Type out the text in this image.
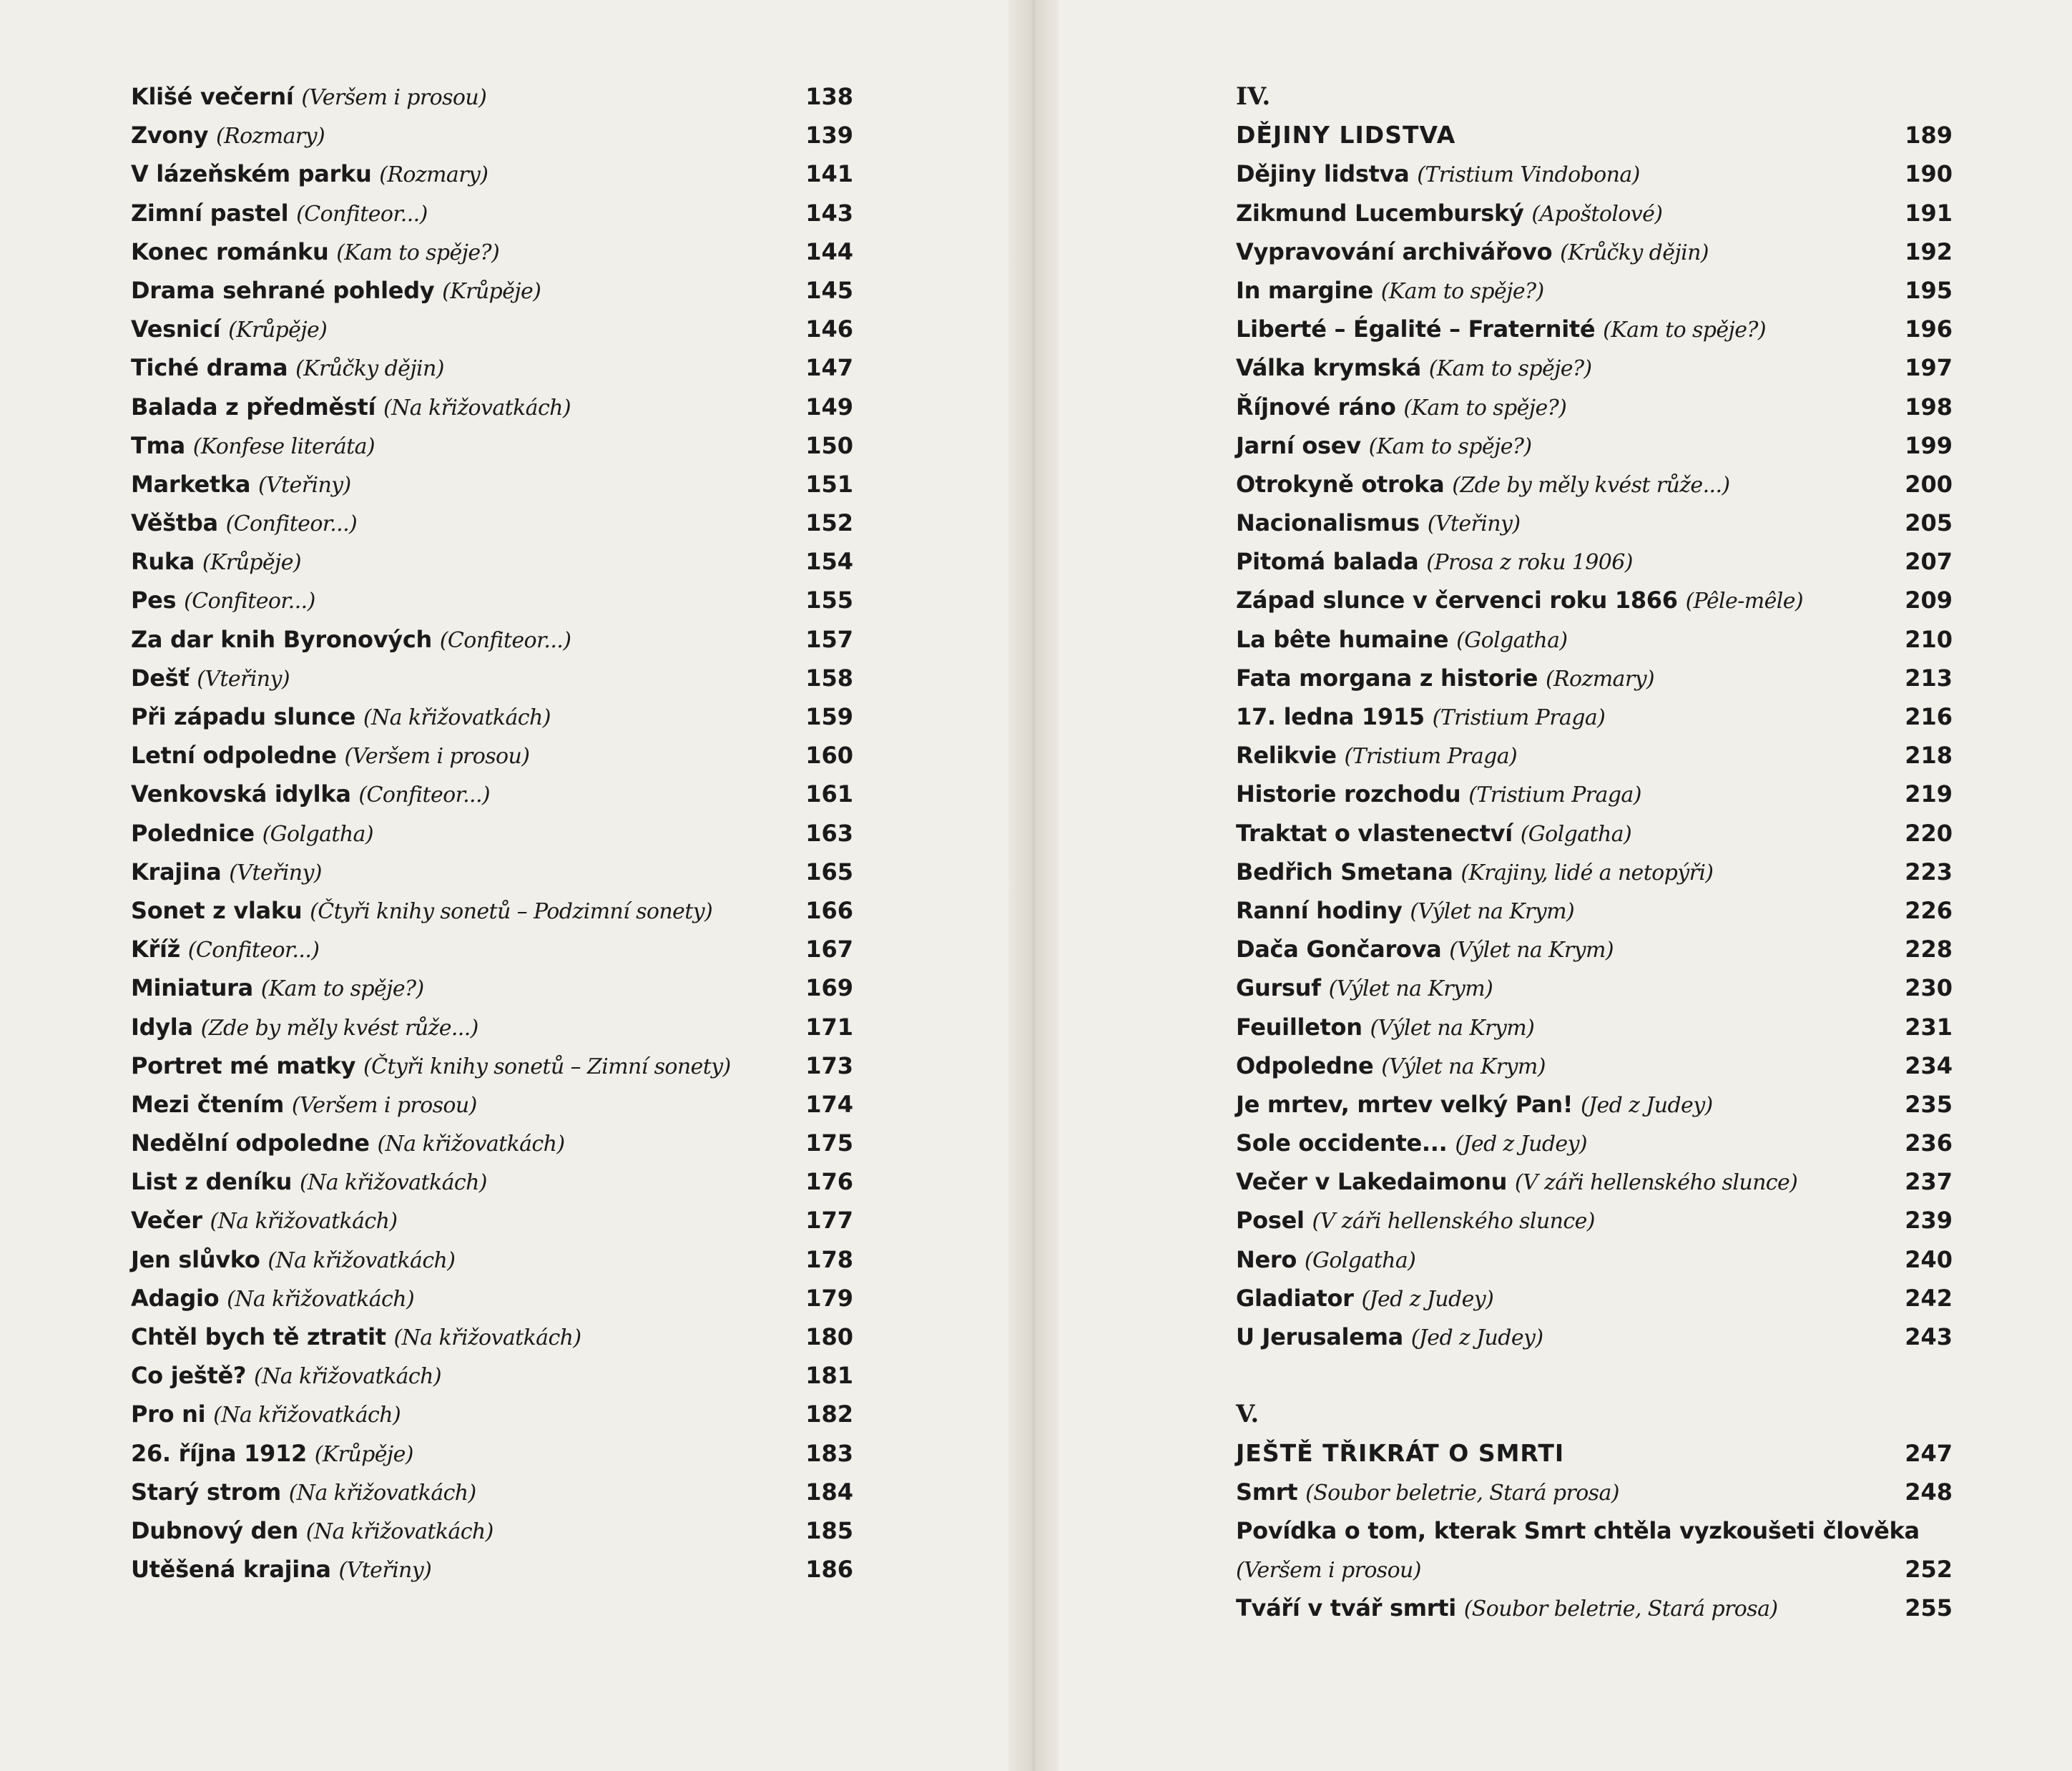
Klišé večerní (Veršem i prosou)	138
Zvony (Rozmary)	139
V lázeňském parku (Rozmary)	141
Zimní pastel (Confiteor...)	143
Konec románku (Kam to spěje?)	144
Drama sehrané pohledy (Krůpěje)	145
Vesnicí (Krůpěje)	146
Tiché drama (Krůčky dějin)	147
Balada z předměstí (Na křižovatkách)	149
Tma (Konfese literáta)	150
Marketka (Vteřiny)	151
Věštba (Confiteor...)	152
Ruka (Krůpěje)	154
Pes (Confiteor...)	155
Za dar knih Byronových (Confiteor...)	157
Dešť (Vteřiny)	158
Při západu slunce (Na křižovatkách)	159
Letní odpoledne (Veršem i prosou)	160
Venkovská idylka (Confiteor...)	161
Polednice (Golgatha)	163
Krajina (Vteřiny)	165
Sonet z vlaku (Čtyři knihy sonetů – Podzimní sonety)	166
Kříž (Confiteor...)	167
Miniatura (Kam to spěje?)	169
Idyla (Zde by měly kvést růže...)	171
Portret mé matky (Čtyři knihy sonetů – Zimní sonety)	173
Mezi čtením (Veršem i prosou)	174
Nedělní odpoledne (Na křižovatkách)	175
List z deníku (Na křižovatkách)	176
Večer (Na křižovatkách)	177
Jen slůvko (Na křižovatkách)	178
Adagio (Na křižovatkách)	179
Chtěl bych tě ztratit (Na křižovatkách)	180
Co ještě? (Na křižovatkách)	181
Pro ni (Na křižovatkách)	182
26. října 1912 (Krůpěje)	183
Starý strom (Na křižovatkách)	184
Dubnový den (Na křižovatkách)	185
Utěšená krajina (Vteřiny)	186
IV.
DĚJINY LIDSTVA	189
Dějiny lidstva (Tristium Vindobona)	190
Zikmund Lucemburský (Apoštolové)	191
Vypravování archivářovo (Krůčky dějin)	192
In margine (Kam to spěje?)	195
Liberté – Égalité – Fraternité (Kam to spěje?)	196
Válka krymská (Kam to spěje?)	197
Říjnové ráno (Kam to spěje?)	198
Jarní osev (Kam to spěje?)	199
Otrokyně otroka (Zde by měly kvést růže...)	200
Nacionalismus (Vteřiny)	205
Pitomá balada (Prosa z roku 1906)	207
Západ slunce v červenci roku 1866 (Pêle-mêle)	209
La bête humaine (Golgatha)	210
Fata morgana z historie (Rozmary)	213
17. ledna 1915 (Tristium Praga)	216
Relikvie (Tristium Praga)	218
Historie rozchodu (Tristium Praga)	219
Traktat o vlastenectví (Golgatha)	220
Bedřich Smetana (Krajiny, lidé a netopýři)	223
Ranní hodiny (Výlet na Krym)	226
Dača Gončarova (Výlet na Krym)	228
Gursuf (Výlet na Krym)	230
Feuilleton (Výlet na Krym)	231
Odpoledne (Výlet na Krym)	234
Je mrtev, mrtev velký Pan! (Jed z Judey)	235
Sole occidente... (Jed z Judey)	236
Večer v Lakedaimonu (V záři hellenského slunce)	237
Posel (V záři hellenského slunce)	239
Nero (Golgatha)	240
Gladiator (Jed z Judey)	242
U Jerusalema (Jed z Judey)	243
V.
JEŠTĚ TŘIKRÁT O SMRTI	247
Smrt (Soubor beletrie, Stará prosa)	248
Povídka o tom, kterak Smrt chtěla vyzkoušeti člověka
(Veršem i prosou)	252
Tváří v tvář smrti (Soubor beletrie, Stará prosa)	255
